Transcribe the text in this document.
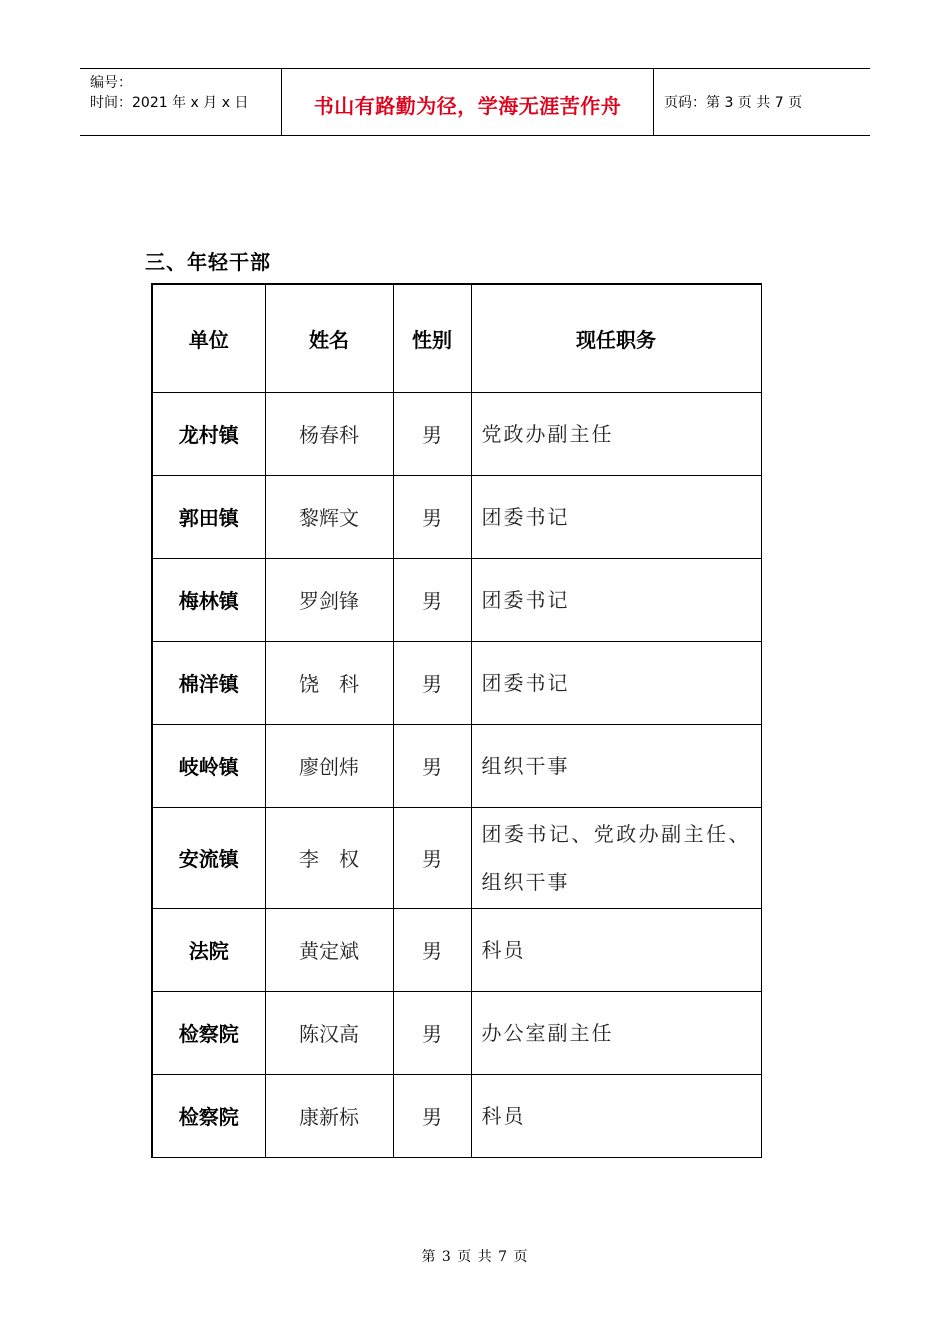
编号：
时间：2021 年 x 月 x 日	书山有路勤为径，学海无涯苦作舟	页码：第 3 页 共 7 页
三、年轻干部
单位	姓名	性别	现任职务
龙村镇	杨春科	男	党政办副主任
郭田镇	黎辉文	男	团委书记
梅林镇	罗剑锋	男	团委书记
棉洋镇	饶　科	男	团委书记
岐岭镇	廖创炜	男	组织干事
安流镇	李　权	男	团委书记、党政办副主任、组织干事
法院	黄定斌	男	科员
检察院	陈汉高	男	办公室副主任
检察院	康新标	男	科员
第 3 页 共 7 页
